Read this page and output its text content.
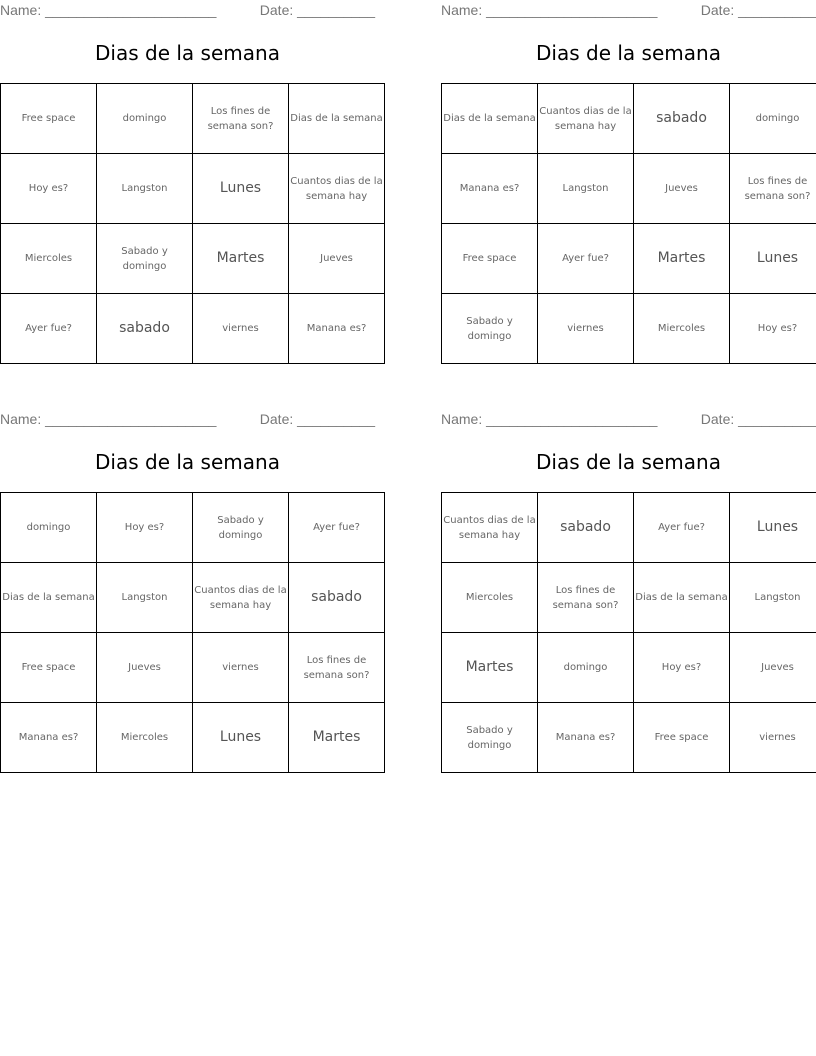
Name: ______________________	Date: __________
Dias de la semana
Free space	domingo	Los fines de semana son?	Dias de la semana
Hoy es?	Langston	Lunes	Cuantos dias de la semana hay
Miercoles	Sabado y domingo	Martes	Jueves
Ayer fue?	sabado	viernes	Manana es?
Name: ______________________	Date: __________
Dias de la semana
Dias de la semana	Cuantos dias de la semana hay	sabado	domingo
Manana es?	Langston	Jueves	Los fines de semana son?
Free space	Ayer fue?	Martes	Lunes
Sabado y domingo	viernes	Miercoles	Hoy es?
Name: ______________________	Date: __________
Dias de la semana
domingo	Hoy es?	Sabado y domingo	Ayer fue?
Dias de la semana	Langston	Cuantos dias de la semana hay	sabado
Free space	Jueves	viernes	Los fines de semana son?
Manana es?	Miercoles	Lunes	Martes
Name: ______________________	Date: __________
Dias de la semana
Cuantos dias de la semana hay	sabado	Ayer fue?	Lunes
Miercoles	Los fines de semana son?	Dias de la semana	Langston
Martes	domingo	Hoy es?	Jueves
Sabado y domingo	Manana es?	Free space	viernes
